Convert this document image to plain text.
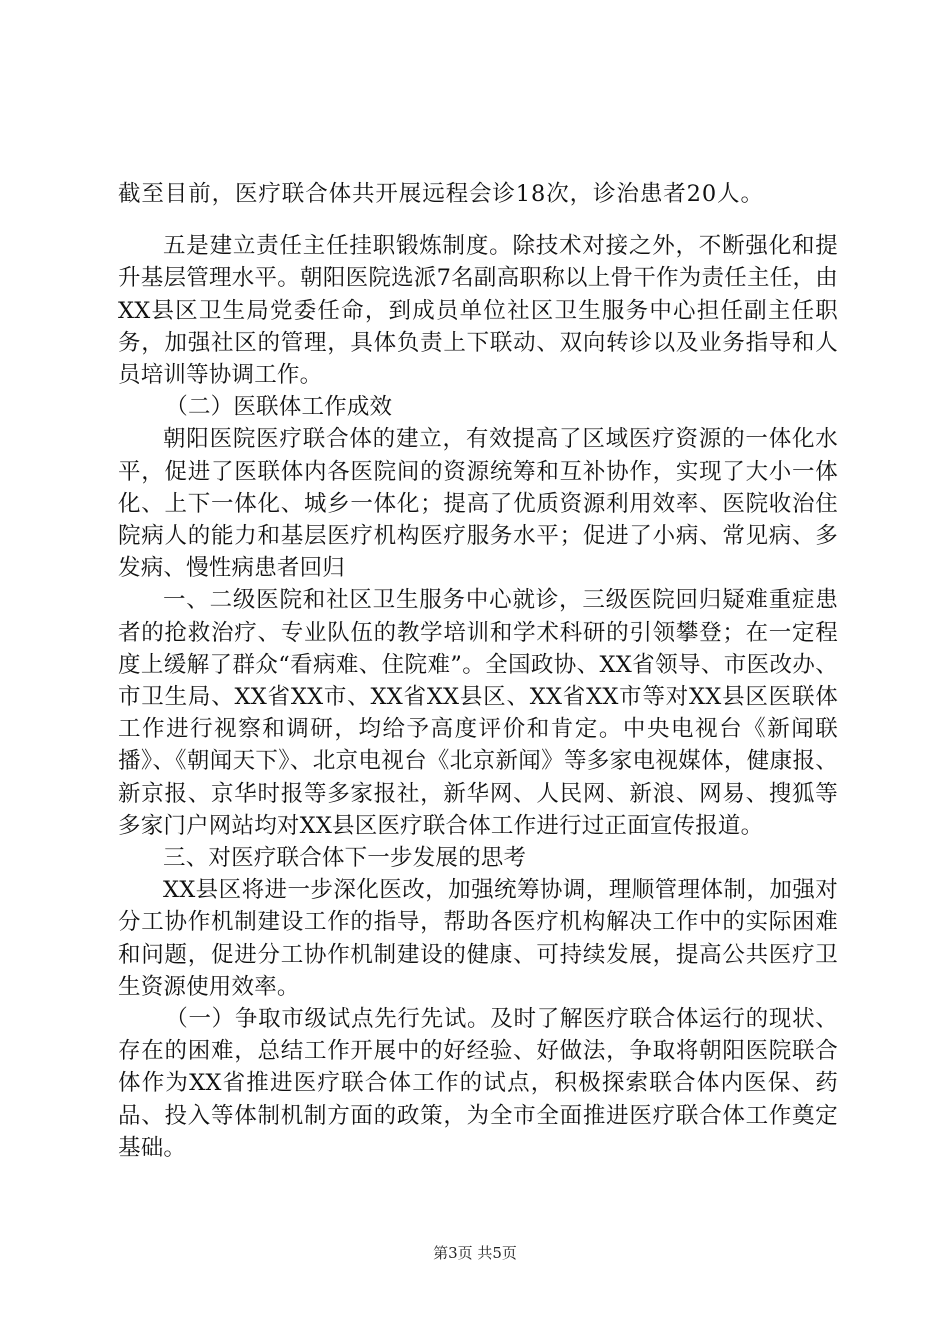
截至目前，医疗联合体共开展远程会诊18次，诊治患者20人。

五是建立责任主任挂职锻炼制度。除技术对接之外，不断强化和提升基层管理水平。朝阳医院选派7名副高职称以上骨干作为责任主任，由XX县区卫生局党委任命，到成员单位社区卫生服务中心担任副主任职务，加强社区的管理，具体负责上下联动、双向转诊以及业务指导和人员培训等协调工作。

（二）医联体工作成效

朝阳医院医疗联合体的建立，有效提高了区域医疗资源的一体化水平，促进了医联体内各医院间的资源统筹和互补协作，实现了大小一体化、上下一体化、城乡一体化；提高了优质资源利用效率、医院收治住院病人的能力和基层医疗机构医疗服务水平；促进了小病、常见病、多发病、慢性病患者回归

一、二级医院和社区卫生服务中心就诊，三级医院回归疑难重症患者的抢救治疗、专业队伍的教学培训和学术科研的引领攀登；在一定程度上缓解了群众“看病难、住院难”。全国政协、XX省领导、市医改办、市卫生局、XX省XX市、XX省XX县区、XX省XX市等对XX县区医联体工作进行视察和调研，均给予高度评价和肯定。中央电视台《新闻联播》、《朝闻天下》、北京电视台《北京新闻》等多家电视媒体，健康报、新京报、京华时报等多家报社，新华网、人民网、新浪、网易、搜狐等多家门户网站均对XX县区医疗联合体工作进行过正面宣传报道。

三、对医疗联合体下一步发展的思考

XX县区将进一步深化医改，加强统筹协调，理顺管理体制，加强对分工协作机制建设工作的指导，帮助各医疗机构解决工作中的实际困难和问题，促进分工协作机制建设的健康、可持续发展，提高公共医疗卫生资源使用效率。

（一）争取市级试点先行先试。及时了解医疗联合体运行的现状、存在的困难，总结工作开展中的好经验、好做法，争取将朝阳医院联合体作为XX省推进医疗联合体工作的试点，积极探索联合体内医保、药品、投入等体制机制方面的政策，为全市全面推进医疗联合体工作奠定基础。

第3页 共5页
